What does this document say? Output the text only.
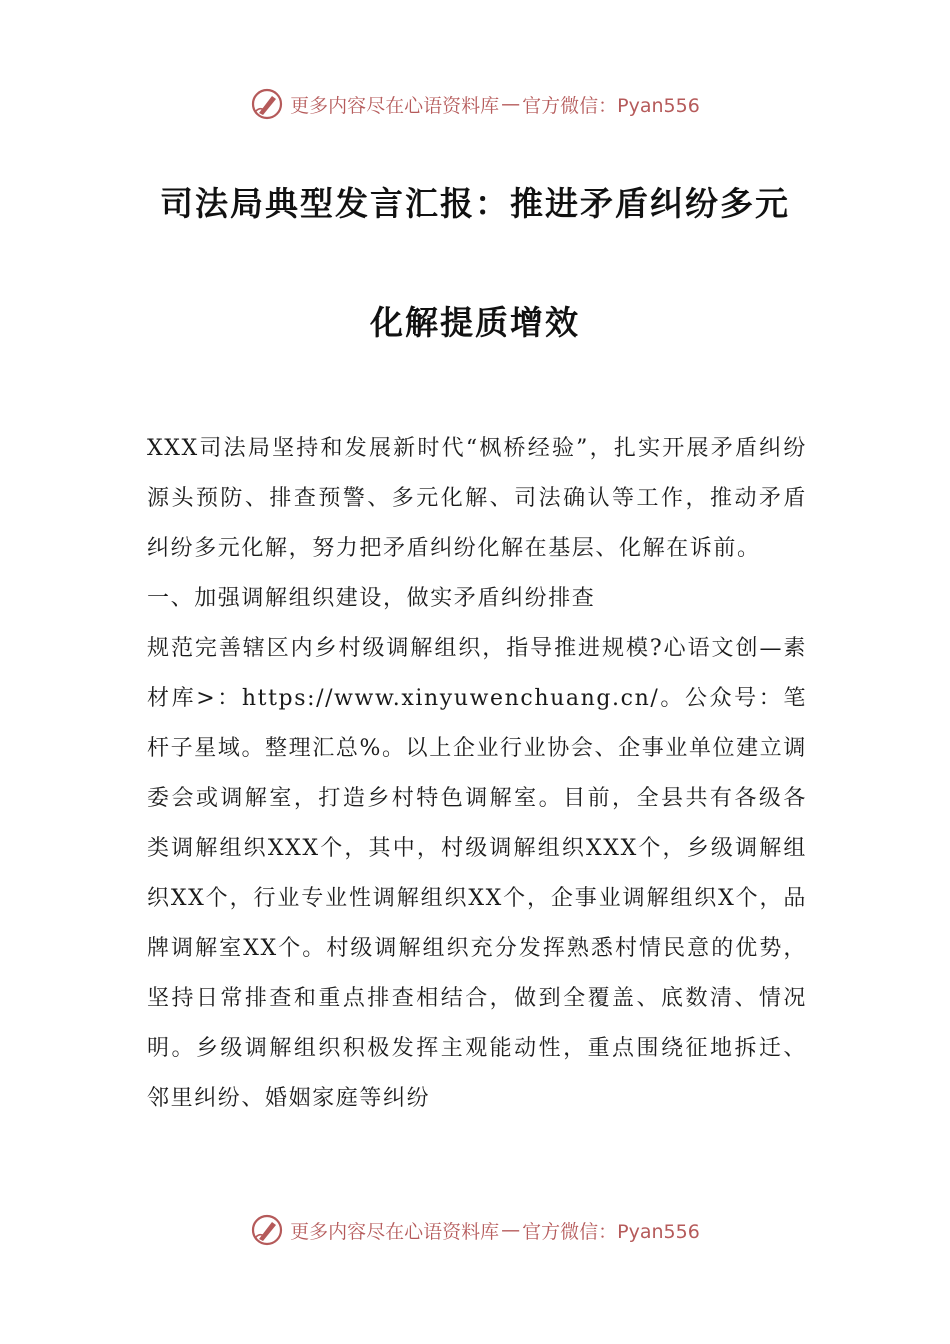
更多内容尽在心语资料库 — 官方微信：Pyan556
司法局典型发言汇报：推进矛盾纠纷多元
化解提质增效

XXX司法局坚持和发展新时代“枫桥经验”，扎实开展矛盾纠纷源头预防、排查预警、多元化解、司法确认等工作，推动矛盾纠纷多元化解，努力把矛盾纠纷化解在基层、化解在诉前。

一、加强调解组织建设，做实矛盾纠纷排查

规范完善辖区内乡村级调解组织，指导推进规模?心语文创—素材库>：https://www.xinyuwenchuang.cn/。公众号：笔杆子星域。整理汇总%。以上企业行业协会、企事业单位建立调委会或调解室，打造乡村特色调解室。目前，全县共有各级各类调解组织XXX个，其中，村级调解组织XXX个，乡级调解组织XX个，行业专业性调解组织XX个，企事业调解组织X个，品牌调解室XX个。村级调解组织充分发挥熟悉村情民意的优势，坚持日常排查和重点排查相结合，做到全覆盖、底数清、情况明。乡级调解组织积极发挥主观能动性，重点围绕征地拆迁、邻里纠纷、婚姻家庭等纠纷

更多内容尽在心语资料库 — 官方微信：Pyan556
